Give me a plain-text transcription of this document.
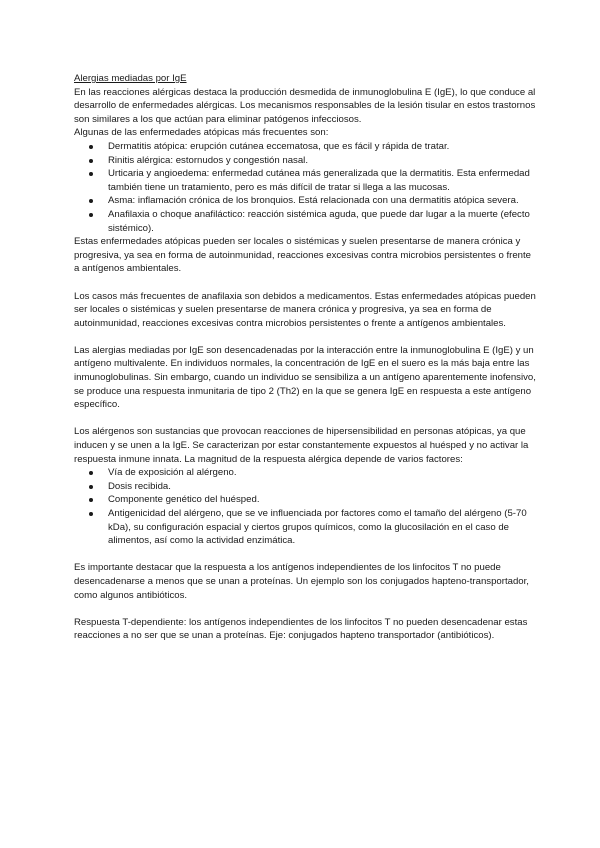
Alergias mediadas por IgE

En las reacciones alérgicas destaca la producción desmedida de inmunoglobulina E (IgE), lo que conduce al desarrollo de enfermedades alérgicas. Los mecanismos responsables de la lesión tisular en estos trastornos son similares a los que actúan para eliminar patógenos infecciosos.

Algunas de las enfermedades atópicas más frecuentes son:

Dermatitis atópica: erupción cutánea eccematosa, que es fácil y rápida de tratar.
Rinitis alérgica: estornudos y congestión nasal.
Urticaria y angioedema: enfermedad cutánea más generalizada que la dermatitis. Esta enfermedad también tiene un tratamiento, pero es más difícil de tratar si llega a las mucosas.
Asma: inflamación crónica de los bronquios. Está relacionada con una dermatitis atópica severa.
Anafilaxia o choque anafiláctico: reacción sistémica aguda, que puede dar lugar a la muerte (efecto sistémico).

Estas enfermedades atópicas pueden ser locales o sistémicas y suelen presentarse de manera crónica y progresiva, ya sea en forma de autoinmunidad, reacciones excesivas contra microbios persistentes o frente a antígenos ambientales.

Los casos más frecuentes de anafilaxia son debidos a medicamentos. Estas enfermedades atópicas pueden ser locales o sistémicas y suelen presentarse de manera crónica y progresiva, ya sea en forma de autoinmunidad, reacciones excesivas contra microbios persistentes o frente a antígenos ambientales.

Las alergias mediadas por IgE son desencadenadas por la interacción entre la inmunoglobulina E (IgE) y un antígeno multivalente. En individuos normales, la concentración de IgE en el suero es la más baja entre las inmunoglobulinas. Sin embargo, cuando un individuo se sensibiliza a un antígeno aparentemente inofensivo, se produce una respuesta inmunitaria de tipo 2 (Th2) en la que se genera IgE en respuesta a este antígeno específico.

Los alérgenos son sustancias que provocan reacciones de hipersensibilidad en personas atópicas, ya que inducen y se unen a la IgE. Se caracterizan por estar constantemente expuestos al huésped y no activar la respuesta inmune innata. La magnitud de la respuesta alérgica depende de varios factores:

Vía de exposición al alérgeno.
Dosis recibida.
Componente genético del huésped.
Antigenicidad del alérgeno, que se ve influenciada por factores como el tamaño del alérgeno (5-70 kDa), su configuración espacial y ciertos grupos químicos, como la glucosilación en el caso de alimentos, así como la actividad enzimática.

Es importante destacar que la respuesta a los antígenos independientes de los linfocitos T no puede desencadenarse a menos que se unan a proteínas. Un ejemplo son los conjugados hapteno-transportador, como algunos antibióticos.

Respuesta T-dependiente: los antígenos independientes de los linfocitos T no pueden desencadenar estas reacciones a no ser que se unan a proteínas. Eje: conjugados hapteno transportador (antibióticos).
